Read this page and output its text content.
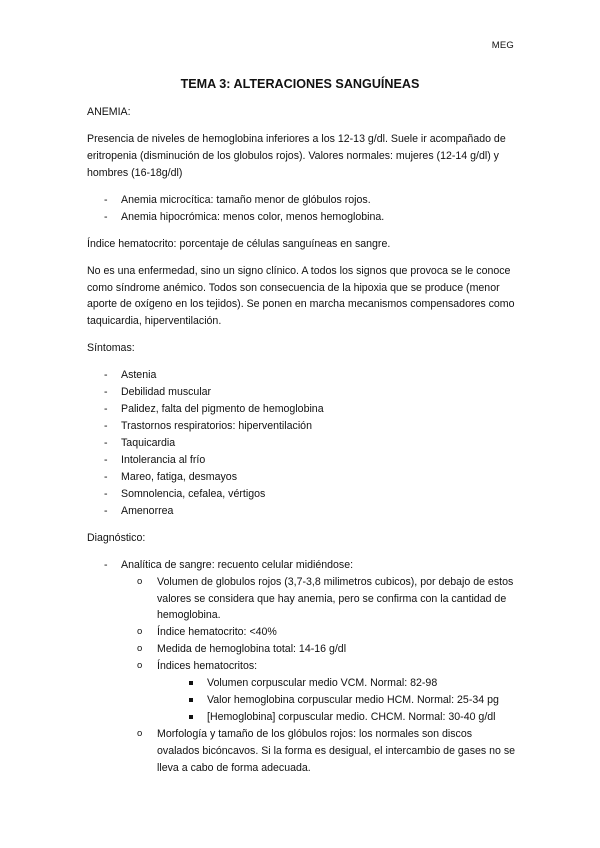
MEG
TEMA 3: ALTERACIONES SANGUÍNEAS

ANEMIA:

Presencia de niveles de hemoglobina inferiores a los 12-13 g/dl. Suele ir acompañado de eritropenia (disminución de los globulos rojos). Valores normales: mujeres (12-14 g/dl) y hombres (16-18g/dl)

- Anemia microcítica: tamaño menor de glóbulos rojos.
- Anemia hipocrómica: menos color, menos hemoglobina.

Índice hematocrito: porcentaje de células sanguíneas en sangre.

No es una enfermedad, sino un signo clínico. A todos los signos que provoca se le conoce como síndrome anémico. Todos son consecuencia de la hipoxia que se produce (menor aporte de oxígeno en los tejidos). Se ponen en marcha mecanismos compensadores como taquicardia, hiperventilación.

Síntomas:

- Astenia
- Debilidad muscular
- Palidez, falta del pigmento de hemoglobina
- Trastornos respiratorios: hiperventilación
- Taquicardia
- Intolerancia al frío
- Mareo, fatiga, desmayos
- Somnolencia, cefalea, vértigos
- Amenorrea

Diagnóstico:

- Analítica de sangre: recuento celular midiéndose:
o Volumen de globulos rojos (3,7-3,8 milimetros cubicos), por debajo de estos valores se considera que hay anemia, pero se confirma con la cantidad de hemoglobina.
o Índice hematocrito: <40%
o Medida de hemoglobina total: 14-16 g/dl
o Índices hematocritos:
Volumen corpuscular medio VCM. Normal: 82-98
Valor hemoglobina corpuscular medio HCM. Normal: 25-34 pg
[Hemoglobina] corpuscular medio. CHCM. Normal: 30-40 g/dl
o Morfología y tamaño de los glóbulos rojos: los normales son discos ovalados bicóncavos. Si la forma es desigual, el intercambio de gases no se lleva a cabo de forma adecuada.
